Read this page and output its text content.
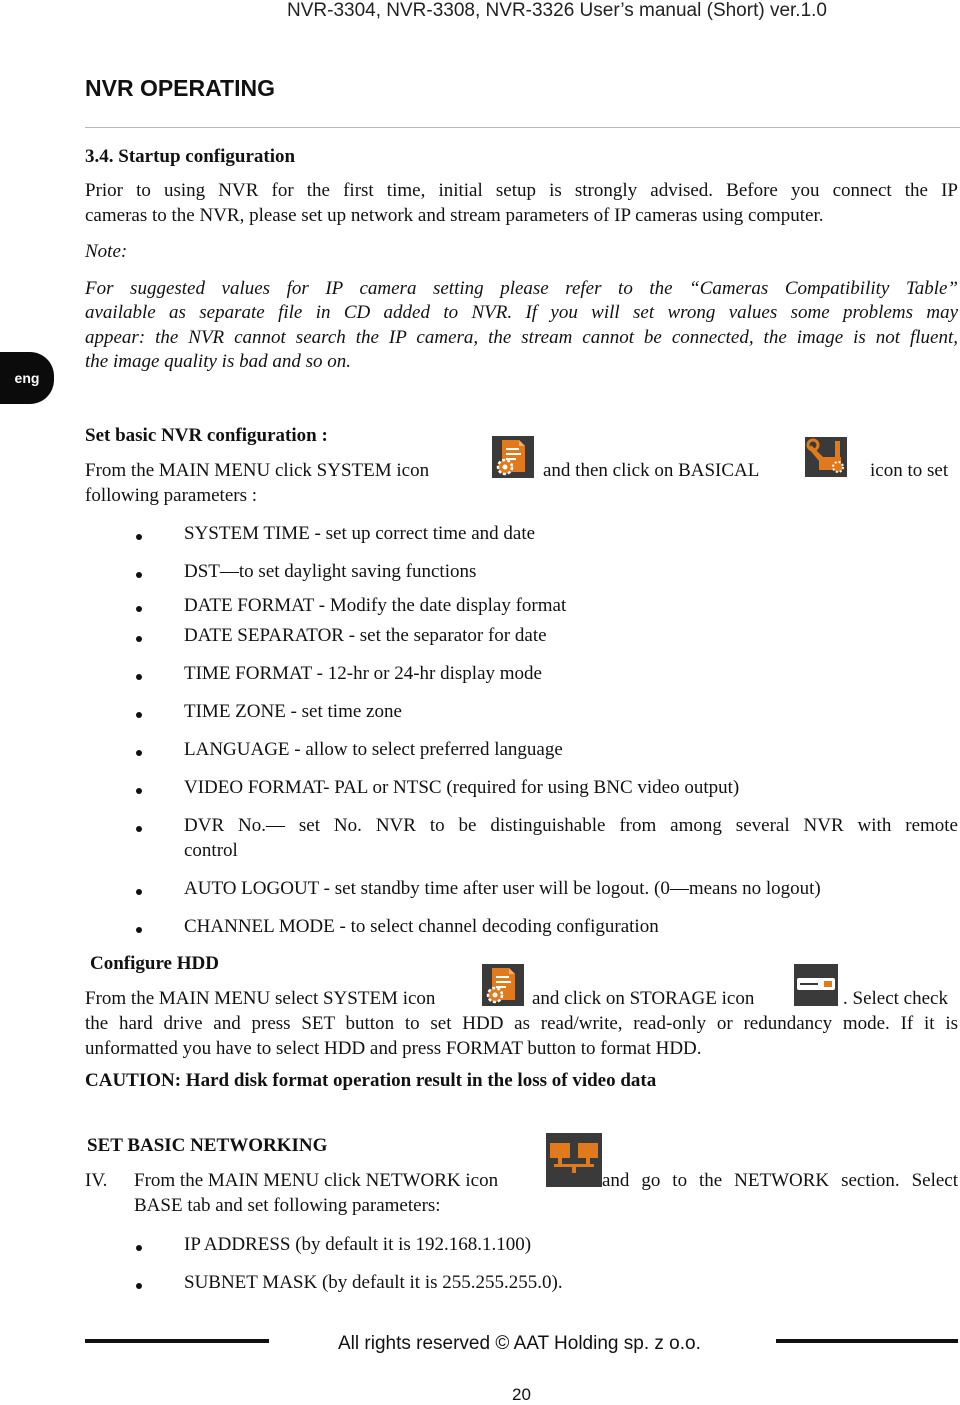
NVR-3304, NVR-3308, NVR-3326 User’s manual (Short) ver.1.0
NVR OPERATING
eng
3.4. Startup configuration
Prior to using NVR for the first time, initial setup is strongly advised. Before you connect the IP
cameras to the NVR, please set up network and stream parameters of IP cameras using computer.
Note:
For suggested values for IP camera setting please refer to the “Cameras Compatibility Table”
available as separate file in CD added to NVR. If you will set wrong values some problems may
appear: the NVR cannot search the IP camera, the stream cannot be connected, the image is not fluent,
the image quality is bad and so on.
Set basic NVR configuration :
From the MAIN MENU click SYSTEM icon	and then click on BASICAL	icon to set
following parameters :
SYSTEM TIME - set up correct time and date
DST—to set daylight saving functions
DATE FORMAT - Modify the date display format
DATE SEPARATOR - set the separator for date
TIME FORMAT - 12-hr or 24-hr display mode
TIME ZONE - set time zone
LANGUAGE - allow to select preferred language
VIDEO FORMAT- PAL or NTSC (required for using BNC video output)
DVR No.— set No. NVR to be distinguishable from among several NVR with remote
control
AUTO LOGOUT - set standby time after user will be logout. (0—means no logout)
CHANNEL MODE - to select channel decoding configuration
Configure HDD
From the MAIN MENU select SYSTEM icon	and click on STORAGE icon	. Select check
the hard drive and press SET button to set HDD as read/write, read-only or redundancy mode. If it is
unformatted you have to select HDD and press FORMAT button to format HDD.
CAUTION: Hard disk format operation result in the loss of video data
SET BASIC NETWORKING
IV. From the MAIN MENU click NETWORK icon	and go to the NETWORK section. Select
BASE tab and set following parameters:
IP ADDRESS (by default it is 192.168.1.100)
SUBNET MASK (by default it is 255.255.255.0).
All rights reserved © AAT Holding sp. z o.o.
20
